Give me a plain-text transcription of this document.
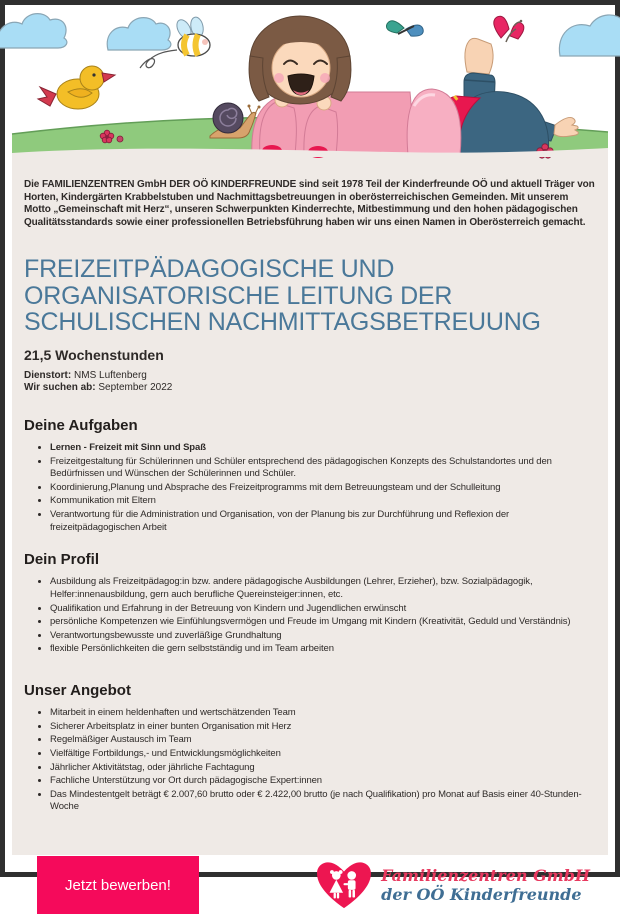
Die FAMILIENZENTREN GmbH DER OÖ KINDERFREUNDE sind seit 1978 Teil der Kinderfreunde OÖ und aktuell Träger von Horten, Kindergärten Krabbelstuben und Nachmittagsbetreuungen in oberösterreichischen Gemeinden. Mit unserem Motto „Gemeinschaft mit Herz“, unseren Schwerpunkten Kinderrechte, Mitbestimmung und den hohen pädagogischen Qualitätsstandards sowie einer professionellen Betriebsführung haben wir uns einen Namen in Oberösterreich gemacht.

FREIZEITPÄDAGOGISCHE UND
ORGANISATORISCHE LEITUNG DER
SCHULISCHEN NACHMITTAGSBETREUUNG
21,5 Wochenstunden
Dienstort: NMS Luftenberg
Wir suchen ab: September 2022
Deine Aufgaben
• Lernen - Freizeit mit Sinn und Spaß
• Freizeitgestaltung für Schülerinnen und Schüler entsprechend des pädagogischen Konzepts des Schulstandortes und den Bedürfnissen und Wünschen der Schülerinnen und Schüler.
• Koordinierung,Planung und Absprache des Freizeitprogramms mit dem Betreuungsteam und der Schulleitung
• Kommunikation mit Eltern
• Verantwortung für die Administration und Organisation, von der Planung bis zur Durchführung und Reflexion der freizeitpädagogischen Arbeit
Dein Profil
• Ausbildung als Freizeitpädagog:in bzw. andere pädagogische Ausbildungen (Lehrer, Erzieher), bzw. Sozialpädagogik, Helfer:innenausbildung, gern auch berufliche Quereinsteiger:innen, etc.
• Qualifikation und Erfahrung in der Betreuung von Kindern und Jugendlichen erwünscht
• persönliche Kompetenzen wie Einfühlungsvermögen und Freude im Umgang mit Kindern (Kreativität, Geduld und Verständnis)
• Verantwortungsbewusste und zuverläßige Grundhaltung
• flexible Persönlichkeiten die gern selbstständig und im Team arbeiten
Unser Angebot
• Mitarbeit in einem heldenhaften und wertschätzenden Team
• Sicherer Arbeitsplatz in einer bunten Organisation mit Herz
• Regelmäßiger Austausch im Team
• Vielfältige Fortbildungs,- und Entwicklungsmöglichkeiten
• Jährlicher Aktivitätstag, oder jährliche Fachtagung
• Fachliche Unterstützung vor Ort durch pädagogische Expert:innen
• Das Mindestentgelt beträgt € 2.007,60 brutto oder € 2.422,00 brutto (je nach Qualifikation) pro Monat auf Basis einer 40-Stunden-Woche
Jetzt bewerben!	Familienzentren GmbH
der OÖ Kinderfreunde
